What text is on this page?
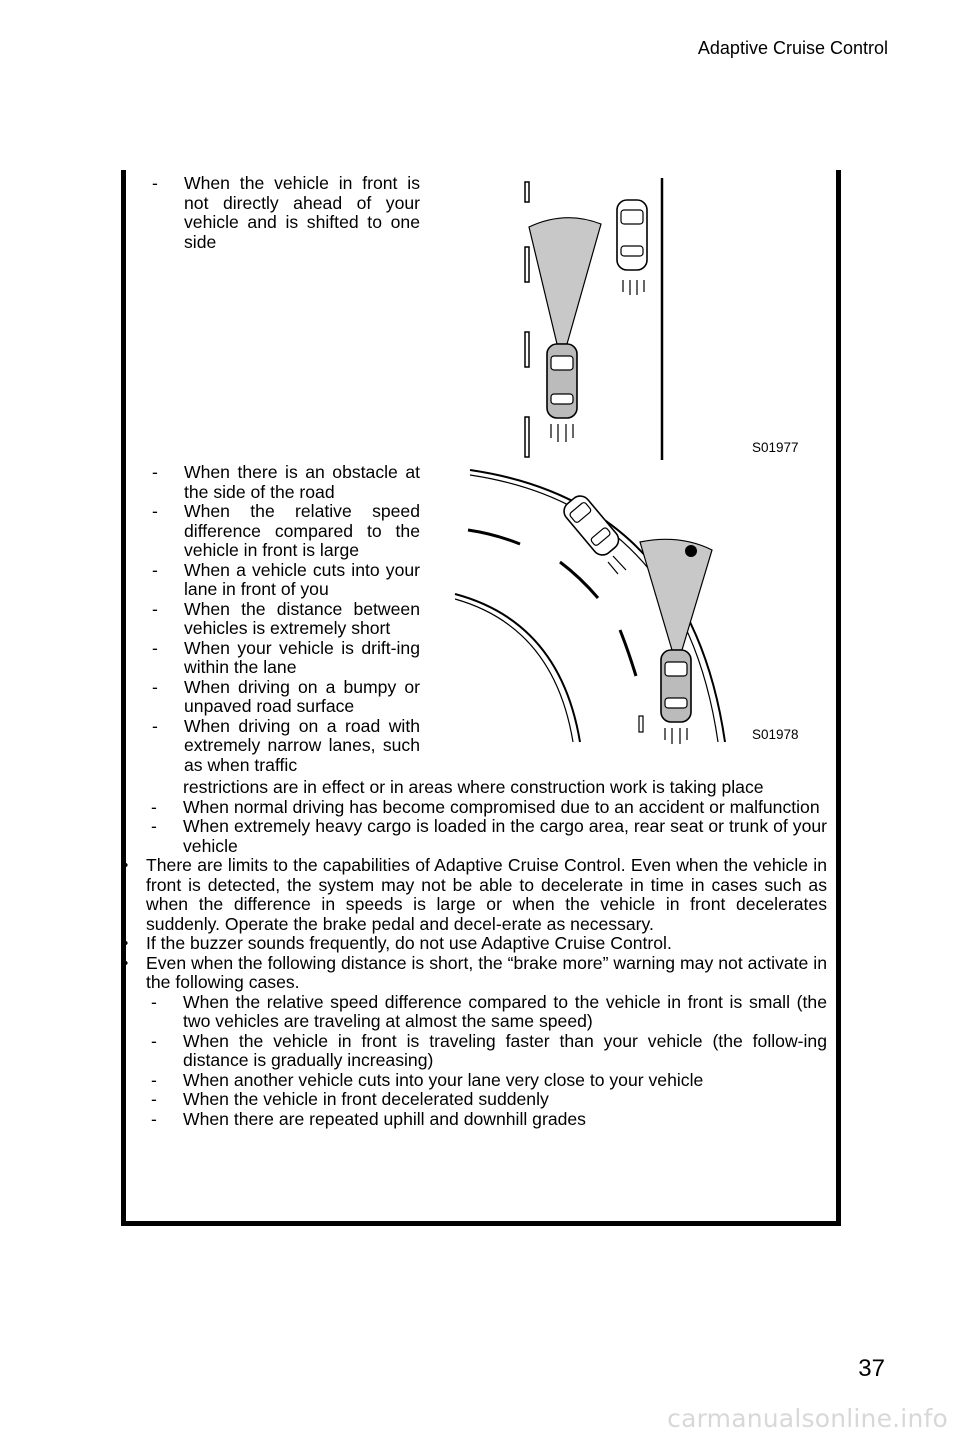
Adaptive Cruise Control
S01977
S01978
-	When the vehicle in front is not directly ahead of your vehicle and is shifted to one side
-	When there is an obstacle at the side of the road
-	When the relative speed difference compared to the vehicle in front is large
-	When a vehicle cuts into your lane in front of you
-	When the distance between vehicles is extremely short
-	When your vehicle is drift-ing within the lane
-	When driving on a bumpy or unpaved road surface
-	When driving on a road with extremely narrow lanes, such as when traffic
restrictions are in effect or in areas where construction work is taking place
-	When normal driving has become compromised due to an accident or malfunction
-	When extremely heavy cargo is loaded in the cargo area, rear seat or trunk of your vehicle
• There are limits to the capabilities of Adaptive Cruise Control. Even when the vehicle in front is detected, the system may not be able to decelerate in time in cases such as when the difference in speeds is large or when the vehicle in front decelerates suddenly. Operate the brake pedal and decel-erate as necessary.
• If the buzzer sounds frequently, do not use Adaptive Cruise Control.
• Even when the following distance is short, the “brake more” warning may not activate in the following cases.
-	When the relative speed difference compared to the vehicle in front is small (the two vehicles are traveling at almost the same speed)
-	When the vehicle in front is traveling faster than your vehicle (the follow-ing distance is gradually increasing)
-	When another vehicle cuts into your lane very close to your vehicle
-	When the vehicle in front decelerated suddenly
-	When there are repeated uphill and downhill grades
37
carmanualsonline.info
